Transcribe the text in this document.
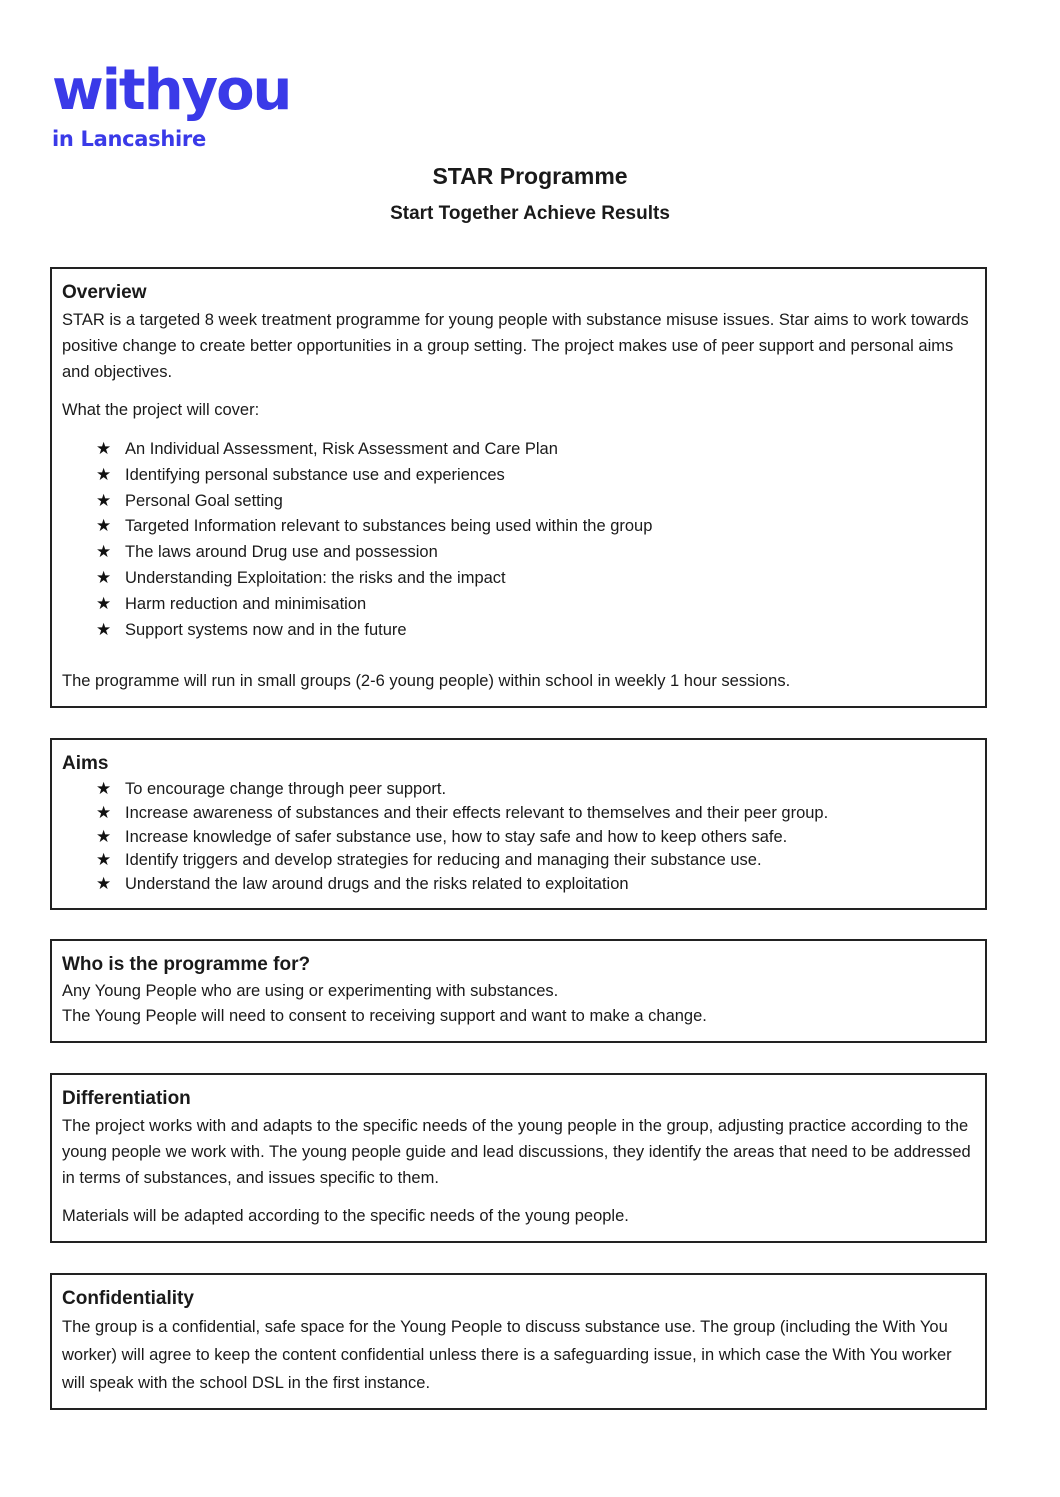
withyou
in Lancashire
STAR Programme
Start Together Achieve Results
Overview

STAR is a targeted 8 week treatment programme for young people with substance misuse issues. Star aims to work towards positive change to create better opportunities in a group setting. The project makes use of peer support and personal aims and objectives.

What the project will cover:

★ An Individual Assessment, Risk Assessment and Care Plan
★ Identifying personal substance use and experiences
★ Personal Goal setting
★ Targeted Information relevant to substances being used within the group
★ The laws around Drug use and possession
★ Understanding Exploitation: the risks and the impact
★ Harm reduction and minimisation
★ Support systems now and in the future

The programme will run in small groups (2-6 young people) within school in weekly 1 hour sessions.

Aims
★ To encourage change through peer support.
★ Increase awareness of substances and their effects relevant to themselves and their peer group.
★ Increase knowledge of safer substance use, how to stay safe and how to keep others safe.
★ Identify triggers and develop strategies for reducing and managing their substance use.
★ Understand the law around drugs and the risks related to exploitation
Who is the programme for?

Any Young People who are using or experimenting with substances.

The Young People will need to consent to receiving support and want to make a change.

Differentiation

The project works with and adapts to the specific needs of the young people in the group, adjusting practice according to the young people we work with. The young people guide and lead discussions, they identify the areas that need to be addressed in terms of substances, and issues specific to them.

Materials will be adapted according to the specific needs of the young people.

Confidentiality

The group is a confidential, safe space for the Young People to discuss substance use. The group (including the With You worker) will agree to keep the content confidential unless there is a safeguarding issue, in which case the With You worker will speak with the school DSL in the first instance.
